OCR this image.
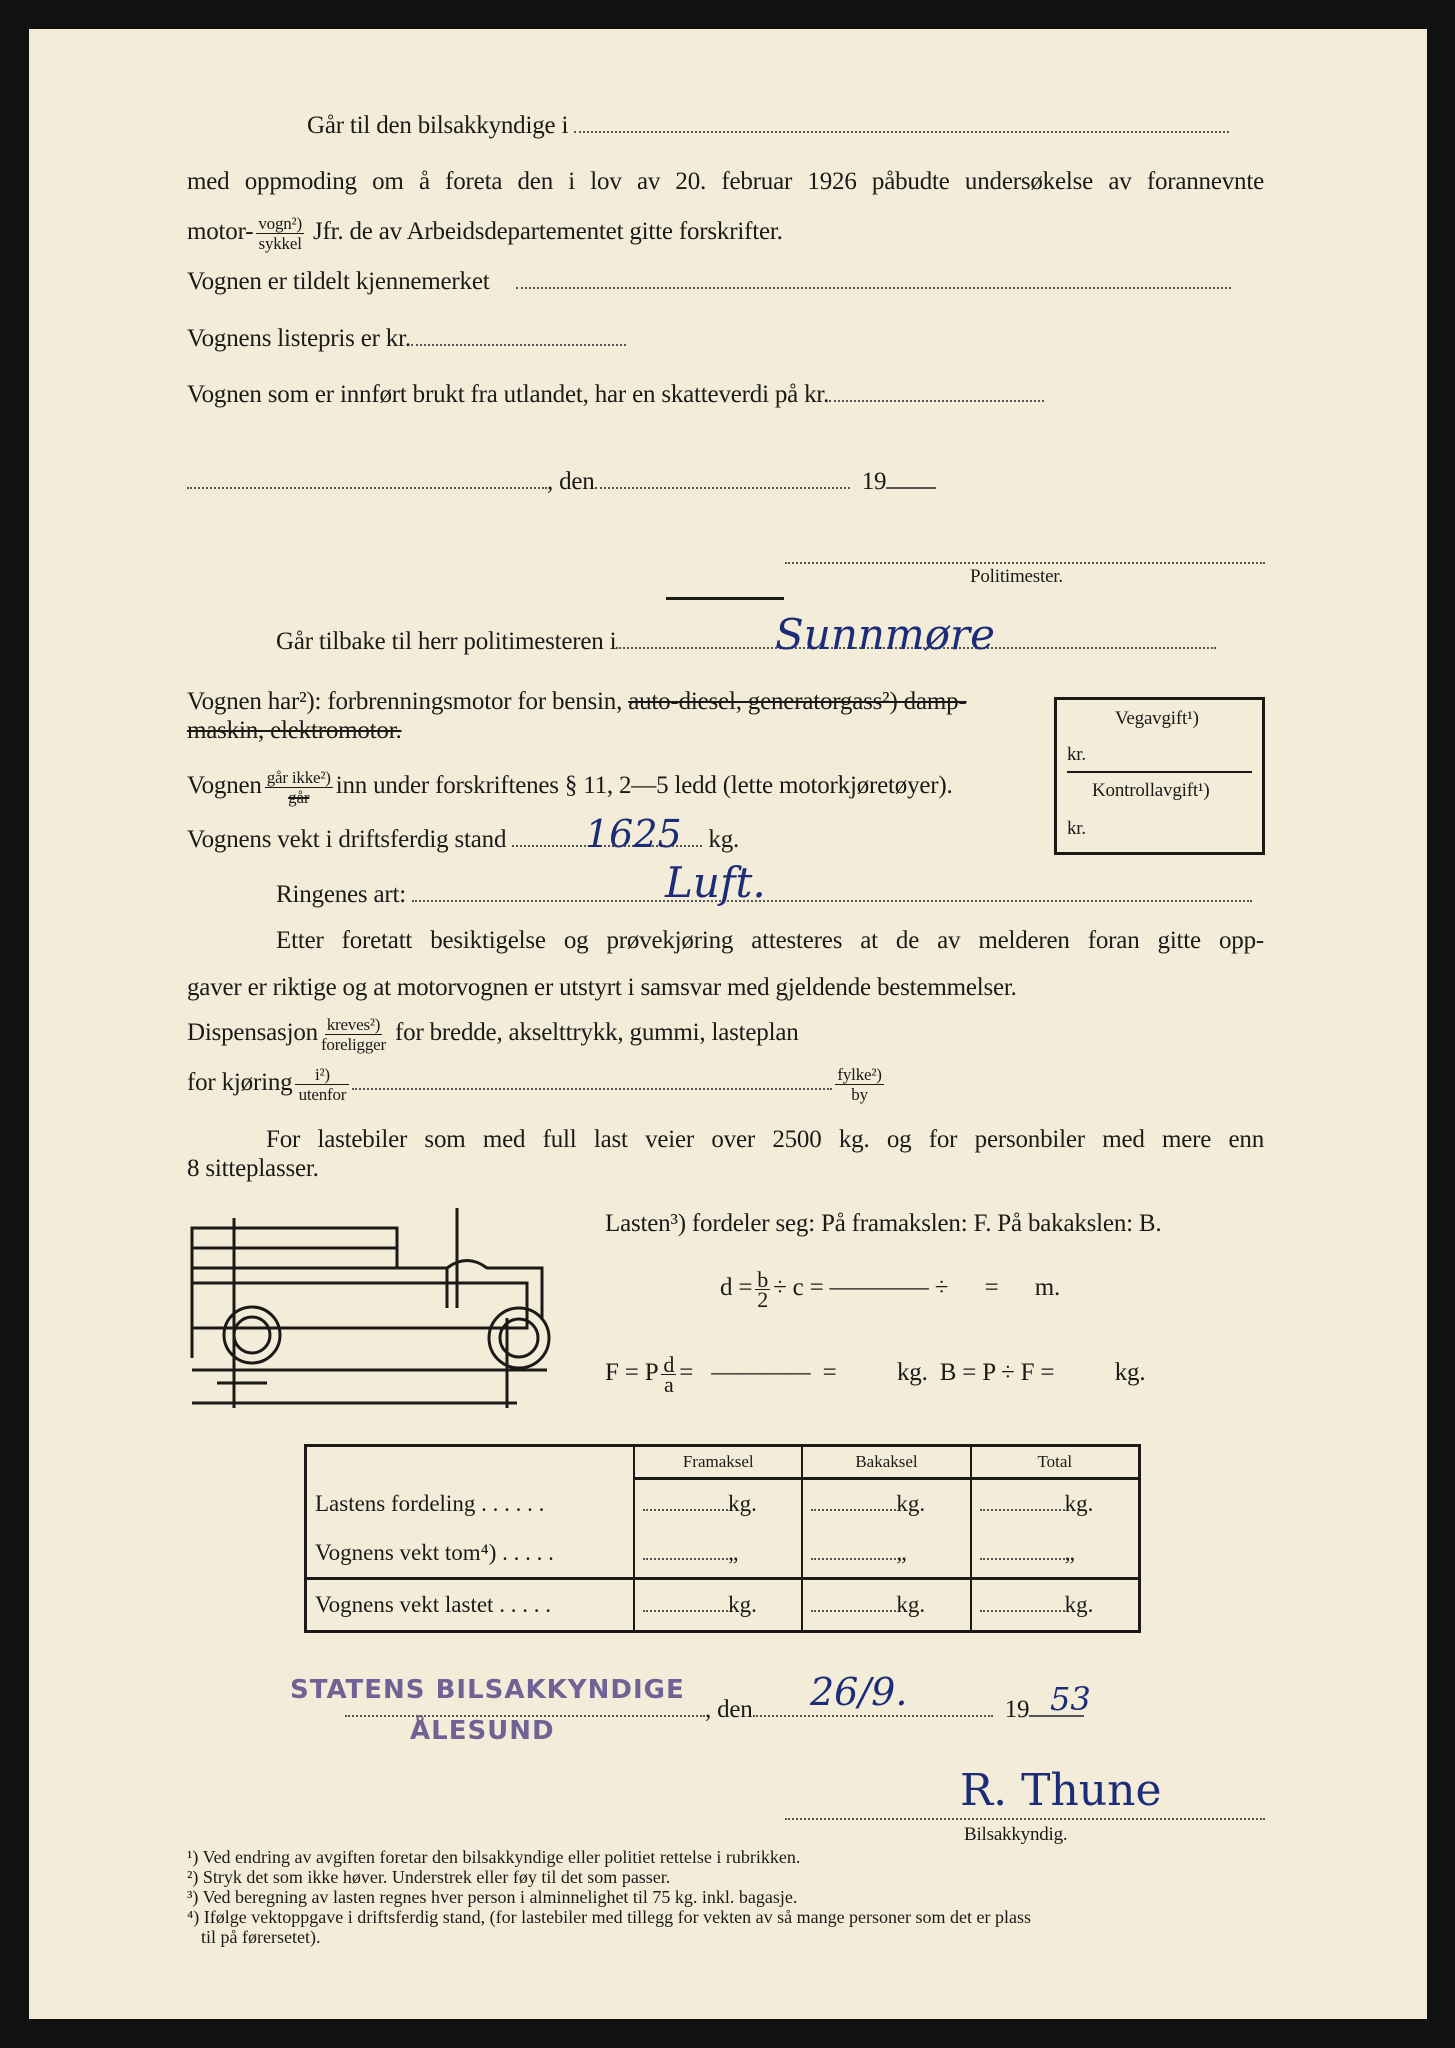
Går til den bilsakkyndige i
med oppmoding om å foreta den i lov av 20. februar 1926 påbudte undersøkelse av forannevnte
motor- $\frac{\text{vogn²)}}{\text{sykkel}}$ Jfr. de av Arbeidsdepartementet gitte forskrifter.
Vognen er tildelt kjennemerket
Vognens listepris er kr.
Vognen som er innført brukt fra utlandet, har en skatteverdi på kr.
, den	19
Politimester.
Går tilbake til herr politimesteren i	Sunnmøre
Vognen har²): forbrenningsmotor for bensin, auto-diesel, generatorgass²) damp-
maskin, elektromotor.	Vegavgift¹)
kr.
Kontrollavgift¹)
kr.
Vognen $\frac{\text{går ikke²)}}{\text{går}}$ inn under forskriftenes § 11, 2—5 ledd (lette motorkjøretøyer).
Vognens vekt i driftsferdig stand	kg.
1625
Ringenes art:	Luft.
Etter foretatt besiktigelse og prøvekjøring attesteres at de av melderen foran gitte opp-
gaver er riktige og at motorvognen er utstyrt i samsvar med gjeldende bestemmelser.
Dispensasjon $\frac{\text{kreves²)}}{\text{foreligger}}$ for bredde, akselttrykk, gummi, lasteplan
for kjøring $\frac{\text{i²)}}{\text{utenfor}}$	$\frac{\text{fylke²)}}{by}$
For lastebiler som med full last veier over 2500 kg. og for personbiler med mere enn
8 sitteplasser.
Lasten³) fordeler seg: På framakslen: F. På bakakslen: B.
$d = \frac{b}{2} \div c$ = ———— ÷      =      m.
F = P $\frac{d}{a}$ =   ————  =          kg.  B = P ÷ F =          kg.
	Framaksel	Bakaksel	Total
Lastens fordeling . . . . . .	kg.	kg.	kg.
Vognens vekt tom⁴) . . . . .	„	„	„
Vognens vekt lastet . . . . .	kg.	kg.	kg.
STATENS BILSAKKYNDIGE
ÅLESUND
, den	19
26/9.	53
R. Thune
Bilsakkyndig.
¹) Ved endring av avgiften foretar den bilsakkyndige eller politiet rettelse i rubrikken.
²) Stryk det som ikke høver. Understrek eller føy til det som passer.
³) Ved beregning av lasten regnes hver person i alminnelighet til 75 kg. inkl. bagasje.
⁴) Ifølge vektoppgave i driftsferdig stand, (for lastebiler med tillegg for vekten av så mange personer som det er plass
til på førersetet).
